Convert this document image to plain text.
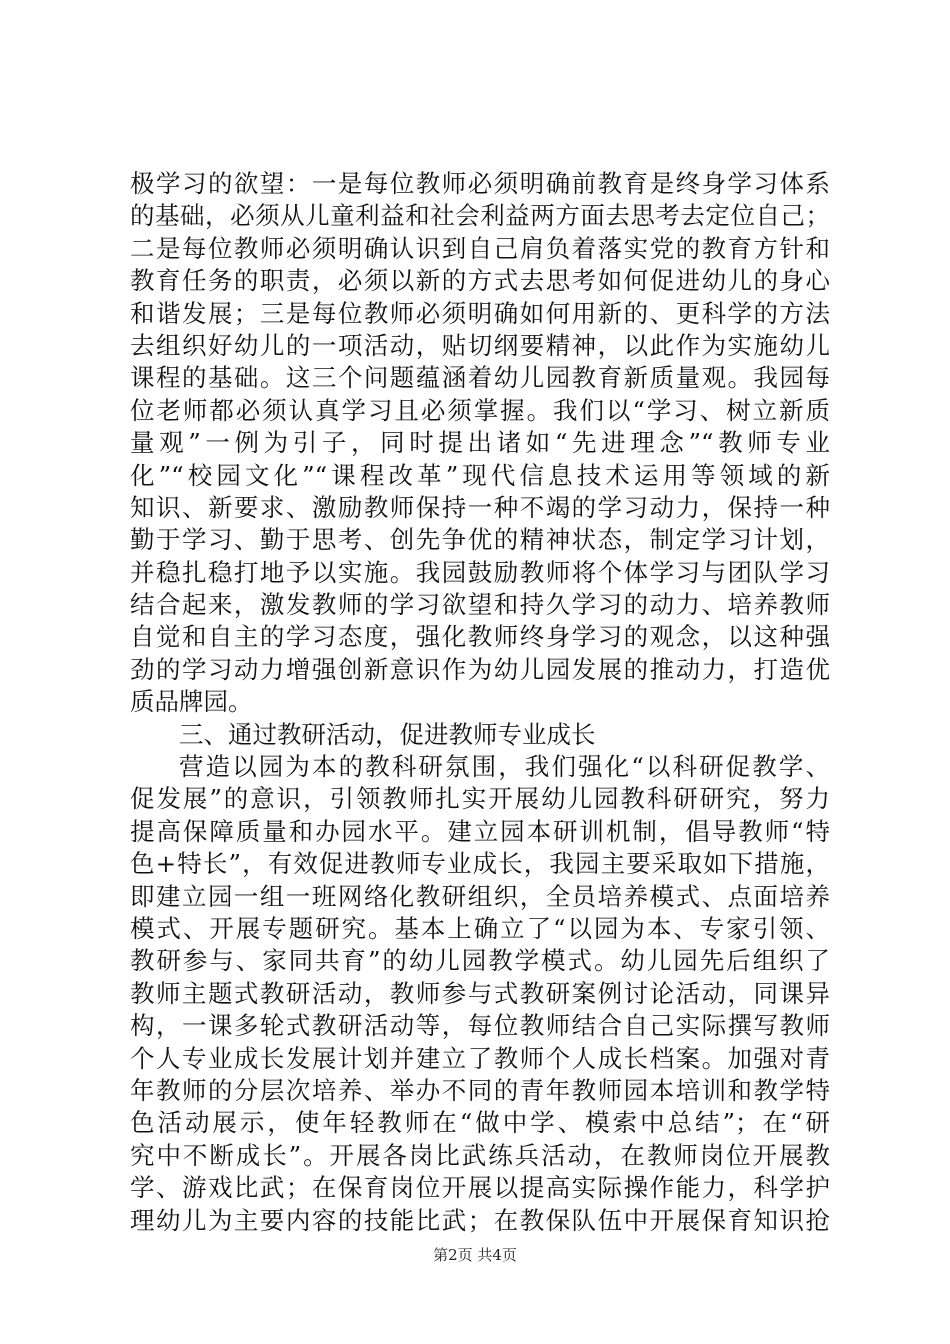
极学习的欲望：一是每位教师必须明确前教育是终身学习体系
的基础，必须从儿童利益和社会利益两方面去思考去定位自己；
二是每位教师必须明确认识到自己肩负着落实党的教育方针和
教育任务的职责，必须以新的方式去思考如何促进幼儿的身心
和谐发展；三是每位教师必须明确如何用新的、更科学的方法
去组织好幼儿的一项活动，贴切纲要精神，以此作为实施幼儿
课程的基础。这三个问题蕴涵着幼儿园教育新质量观。我园每
位老师都必须认真学习且必须掌握。我们以“学习、树立新质
量观”一例为引子，同时提出诸如“先进理念”“教师专业
化”“校园文化”“课程改革”现代信息技术运用等领域的新
知识、新要求、激励教师保持一种不竭的学习动力，保持一种
勤于学习、勤于思考、创先争优的精神状态，制定学习计划，
并稳扎稳打地予以实施。我园鼓励教师将个体学习与团队学习
结合起来，激发教师的学习欲望和持久学习的动力、培养教师
自觉和自主的学习态度，强化教师终身学习的观念，以这种强
劲的学习动力增强创新意识作为幼儿园发展的推动力，打造优
质品牌园。
三、通过教研活动，促进教师专业成长
营造以园为本的教科研氛围，我们强化“以科研促教学、
促发展”的意识，引领教师扎实开展幼儿园教科研研究，努力
提高保障质量和办园水平。建立园本研训机制，倡导教师“特
色+特长”，有效促进教师专业成长，我园主要采取如下措施，
即建立园一组一班网络化教研组织，全员培养模式、点面培养
模式、开展专题研究。基本上确立了“以园为本、专家引领、
教研参与、家同共育”的幼儿园教学模式。幼儿园先后组织了
教师主题式教研活动，教师参与式教研案例讨论活动，同课异
构，一课多轮式教研活动等，每位教师结合自己实际撰写教师
个人专业成长发展计划并建立了教师个人成长档案。加强对青
年教师的分层次培养、举办不同的青年教师园本培训和教学特
色活动展示，使年轻教师在“做中学、模索中总结”；在“研
究中不断成长”。开展各岗比武练兵活动，在教师岗位开展教
学、游戏比武；在保育岗位开展以提高实际操作能力，科学护
理幼儿为主要内容的技能比武；在教保队伍中开展保育知识抢
第2页 共4页
